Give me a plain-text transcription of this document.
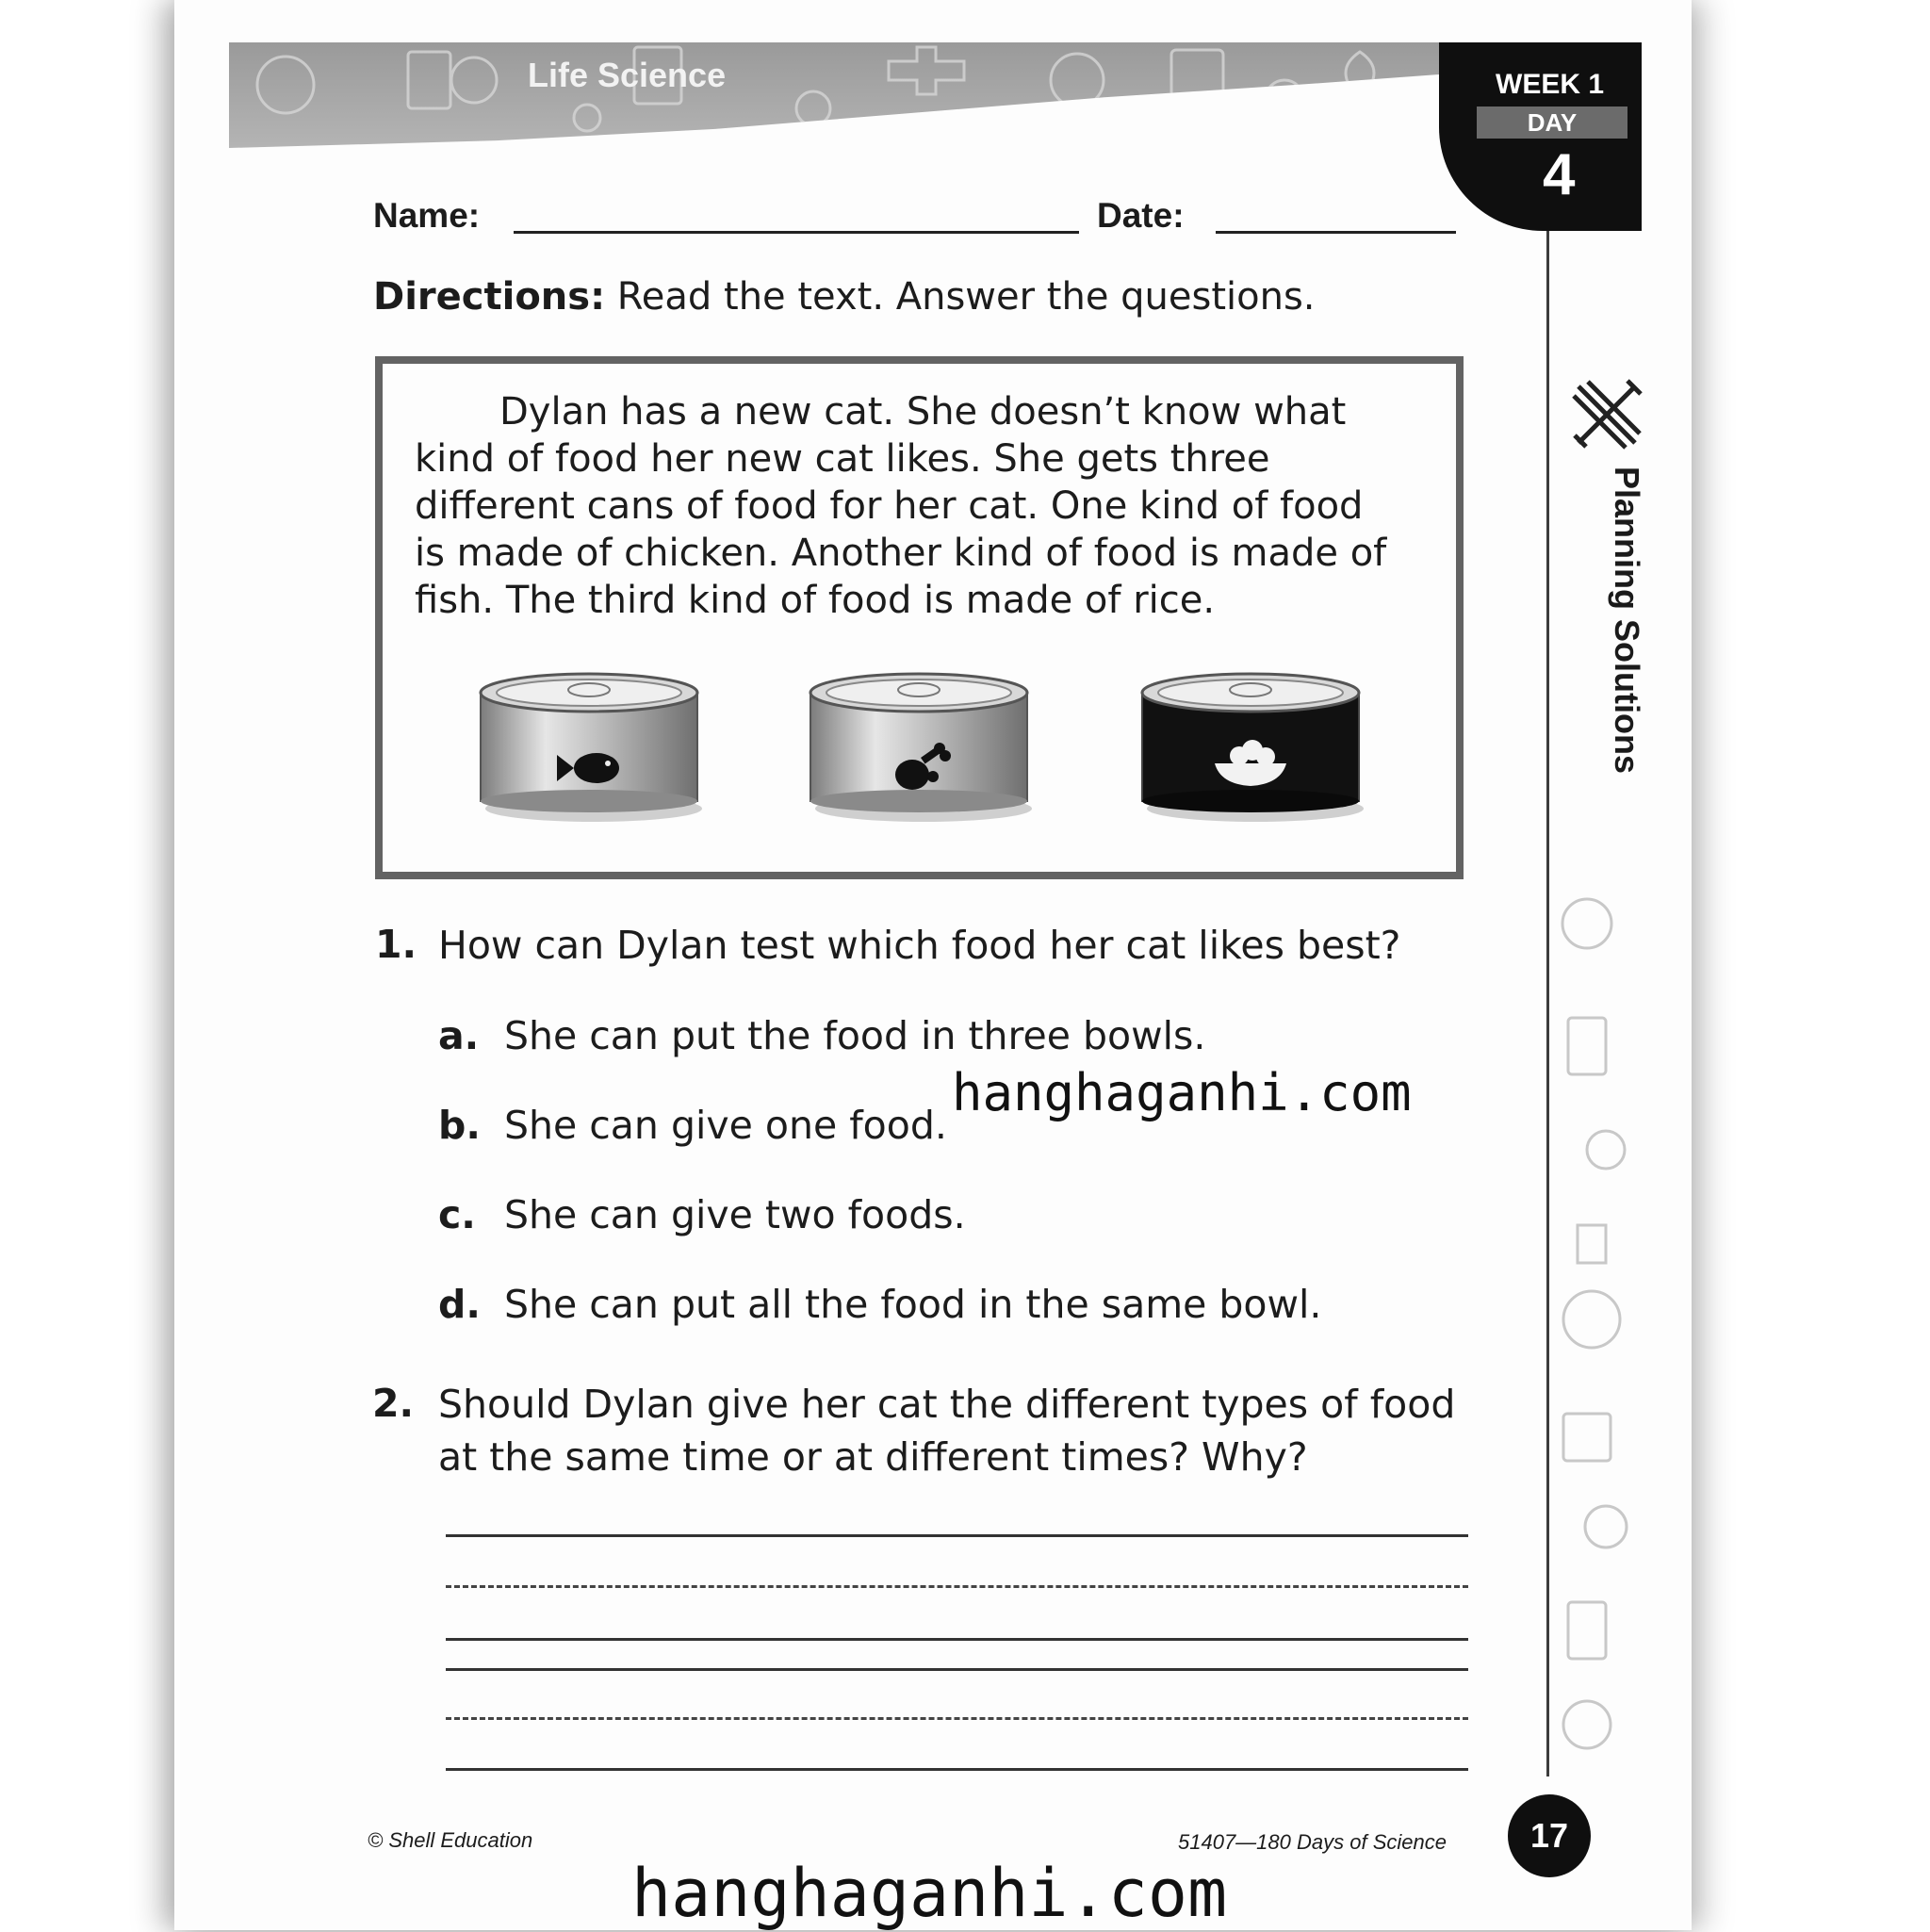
Life Science	WEEK 1
DAY
4
Planning Solutions
Name:	Date:
Directions: Read the text. Answer the questions.
Dylan has a new cat. She doesn’t know what
kind of food her new cat likes. She gets three
different cans of food for her cat. One kind of food
is made of chicken. Another kind of food is made of
fish. The third kind of food is made of rice.
1. How can Dylan test which food her cat likes best?
a. She can put the food in three bowls.
b. She can give one food.
c. She can give two foods.
d. She can put all the food in the same bowl.
2. Should Dylan give her cat the different types of food
at the same time or at different times? Why?
© Shell Education	51407—180 Days of Science	17
hanghaganhi.com
hanghaganhi.com
